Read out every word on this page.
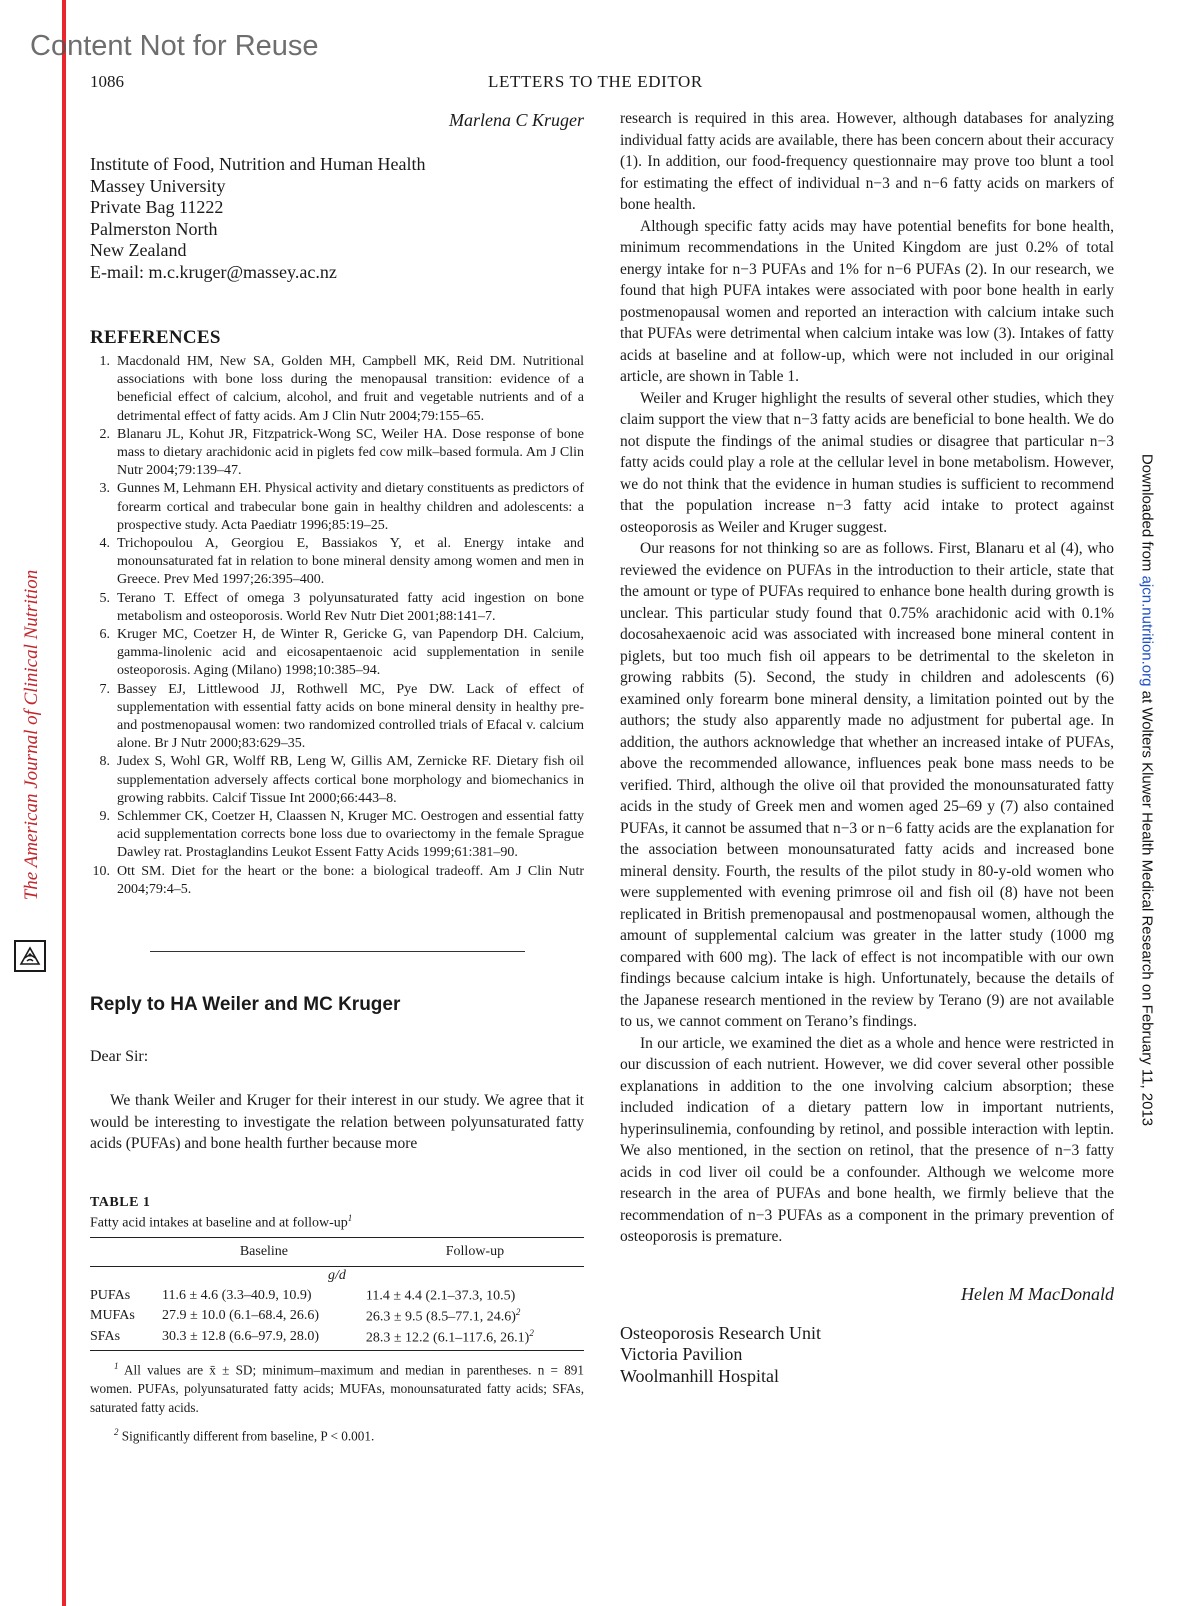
The American Journal of Clinical Nutrition
Content Not for Reuse
1086	LETTERS TO THE EDITOR
Downloaded from ajcn.nutrition.org at Wolters Kluwer Health Medical Research on February 11, 2013
Marlena C Kruger
Institute of Food, Nutrition and Human Health
Massey University
Private Bag 11222
Palmerston North
New Zealand
E-mail: m.c.kruger@massey.ac.nz
REFERENCES
1. Macdonald HM, New SA, Golden MH, Campbell MK, Reid DM. Nutritional associations with bone loss during the menopausal transition: evidence of a beneficial effect of calcium, alcohol, and fruit and vegetable nutrients and of a detrimental effect of fatty acids. Am J Clin Nutr 2004;79:155–65.
2. Blanaru JL, Kohut JR, Fitzpatrick-Wong SC, Weiler HA. Dose response of bone mass to dietary arachidonic acid in piglets fed cow milk–based formula. Am J Clin Nutr 2004;79:139–47.
3. Gunnes M, Lehmann EH. Physical activity and dietary constituents as predictors of forearm cortical and trabecular bone gain in healthy children and adolescents: a prospective study. Acta Paediatr 1996;85:19–25.
4. Trichopoulou A, Georgiou E, Bassiakos Y, et al. Energy intake and monounsaturated fat in relation to bone mineral density among women and men in Greece. Prev Med 1997;26:395–400.
5. Terano T. Effect of omega 3 polyunsaturated fatty acid ingestion on bone metabolism and osteoporosis. World Rev Nutr Diet 2001;88:141–7.
6. Kruger MC, Coetzer H, de Winter R, Gericke G, van Papendorp DH. Calcium, gamma-linolenic acid and eicosapentaenoic acid supplementation in senile osteoporosis. Aging (Milano) 1998;10:385–94.
7. Bassey EJ, Littlewood JJ, Rothwell MC, Pye DW. Lack of effect of supplementation with essential fatty acids on bone mineral density in healthy pre- and postmenopausal women: two randomized controlled trials of Efacal v. calcium alone. Br J Nutr 2000;83:629–35.
8. Judex S, Wohl GR, Wolff RB, Leng W, Gillis AM, Zernicke RF. Dietary fish oil supplementation adversely affects cortical bone morphology and biomechanics in growing rabbits. Calcif Tissue Int 2000;66:443–8.
9. Schlemmer CK, Coetzer H, Claassen N, Kruger MC. Oestrogen and essential fatty acid supplementation corrects bone loss due to ovariectomy in the female Sprague Dawley rat. Prostaglandins Leukot Essent Fatty Acids 1999;61:381–90.
10. Ott SM. Diet for the heart or the bone: a biological tradeoff. Am J Clin Nutr 2004;79:4–5.
Reply to HA Weiler and MC Kruger
Dear Sir:

We thank Weiler and Kruger for their interest in our study. We agree that it would be interesting to investigate the relation between polyunsaturated fatty acids (PUFAs) and bone health further because more

TABLE 1
Fatty acid intakes at baseline and at follow-$up^1$
	Baseline	Follow-up
g/d		
PUFAs	11.6 ± 4.6 (3.3–40.9, 10.9)	11.4 ± 4.4 (2.1–37.3, 10.5)
MUFAs	27.9 ± 10.0 (6.1–68.4, 26.6)	26.3 ± 9.5 (8.5–77.1, 24.6)$^2$
SFAs	30.3 ± 12.8 (6.6–97.9, 28.0)	28.3 ± 12.2 (6.1–117.6, 26.1)$^2$

$^1$ All values are x̄ ± SD; minimum–maximum and median in parentheses. n = 891 women. PUFAs, polyunsaturated fatty acids; MUFAs, monounsaturated fatty acids; SFAs, saturated fatty acids.

$^2$ Significantly different from baseline, P < 0.001.

research is required in this area. However, although databases for analyzing individual fatty acids are available, there has been concern about their accuracy (1). In addition, our food-frequency questionnaire may prove too blunt a tool for estimating the effect of individual n−3 and n−6 fatty acids on markers of bone health.

Although specific fatty acids may have potential benefits for bone health, minimum recommendations in the United Kingdom are just 0.2% of total energy intake for n−3 PUFAs and 1% for n−6 PUFAs (2). In our research, we found that high PUFA intakes were associated with poor bone health in early postmenopausal women and reported an interaction with calcium intake such that PUFAs were detrimental when calcium intake was low (3). Intakes of fatty acids at baseline and at follow-up, which were not included in our original article, are shown in Table 1.

Weiler and Kruger highlight the results of several other studies, which they claim support the view that n−3 fatty acids are beneficial to bone health. We do not dispute the findings of the animal studies or disagree that particular n−3 fatty acids could play a role at the cellular level in bone metabolism. However, we do not think that the evidence in human studies is sufficient to recommend that the population increase n−3 fatty acid intake to protect against osteoporosis as Weiler and Kruger suggest.

Our reasons for not thinking so are as follows. First, Blanaru et al (4), who reviewed the evidence on PUFAs in the introduction to their article, state that the amount or type of PUFAs required to enhance bone health during growth is unclear. This particular study found that 0.75% arachidonic acid with 0.1% docosahexaenoic acid was associated with increased bone mineral content in piglets, but too much fish oil appears to be detrimental to the skeleton in growing rabbits (5). Second, the study in children and adolescents (6) examined only forearm bone mineral density, a limitation pointed out by the authors; the study also apparently made no adjustment for pubertal age. In addition, the authors acknowledge that whether an increased intake of PUFAs, above the recommended allowance, influences peak bone mass needs to be verified. Third, although the olive oil that provided the monounsaturated fatty acids in the study of Greek men and women aged 25–69 y (7) also contained PUFAs, it cannot be assumed that n−3 or n−6 fatty acids are the explanation for the association between monounsaturated fatty acids and increased bone mineral density. Fourth, the results of the pilot study in 80-y-old women who were supplemented with evening primrose oil and fish oil (8) have not been replicated in British premenopausal and postmenopausal women, although the amount of supplemental calcium was greater in the latter study (1000 mg compared with 600 mg). The lack of effect is not incompatible with our own findings because calcium intake is high. Unfortunately, because the details of the Japanese research mentioned in the review by Terano (9) are not available to us, we cannot comment on Terano’s findings.

In our article, we examined the diet as a whole and hence were restricted in our discussion of each nutrient. However, we did cover several other possible explanations in addition to the one involving calcium absorption; these included indication of a dietary pattern low in important nutrients, hyperinsulinemia, confounding by retinol, and possible interaction with leptin. We also mentioned, in the section on retinol, that the presence of n−3 fatty acids in cod liver oil could be a confounder. Although we welcome more research in the area of PUFAs and bone health, we firmly believe that the recommendation of n−3 PUFAs as a component in the primary prevention of osteoporosis is premature.

Helen M MacDonald
Osteoporosis Research Unit
Victoria Pavilion
Woolmanhill Hospital
